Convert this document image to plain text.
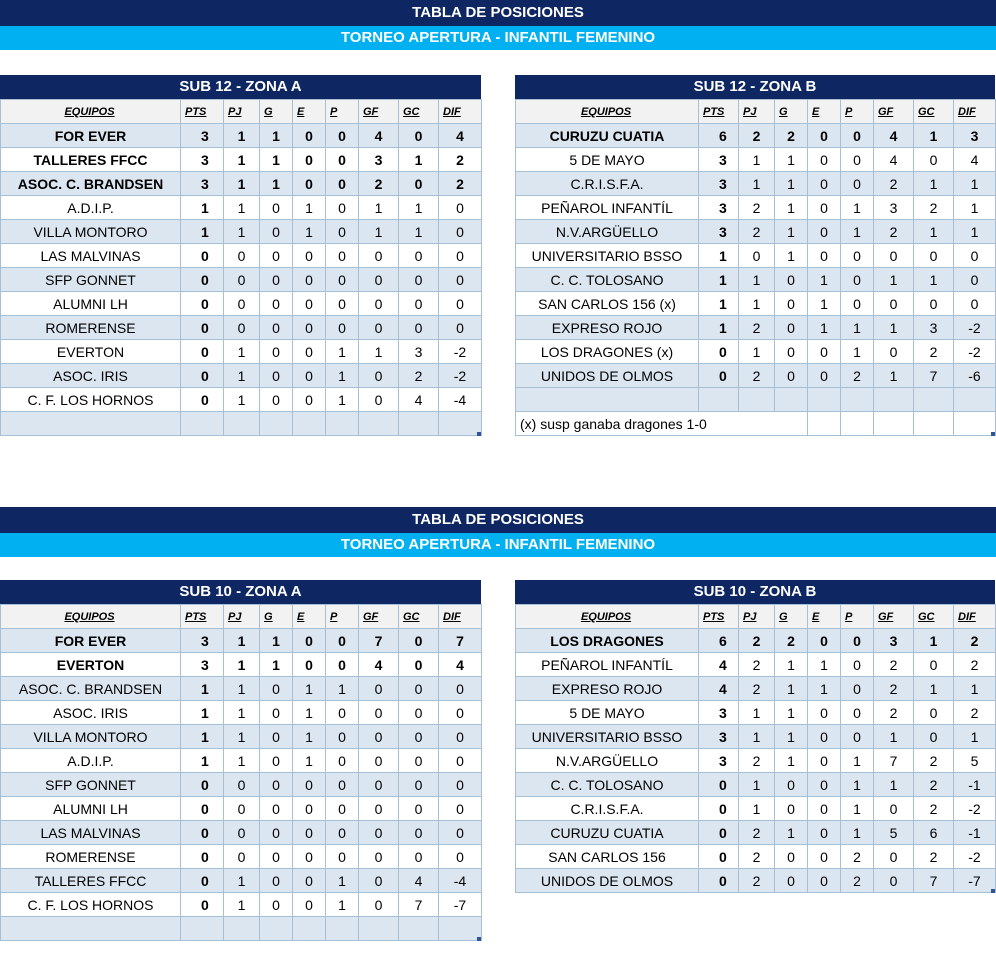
TABLA DE POSICIONES
TORNEO APERTURA - INFANTIL FEMENINO
SUB 12 - ZONA A
EQUIPOS	PTS	PJ	G	E	P	GF	GC	DIF
FOR EVER	3	1	1	0	0	4	0	4
TALLERES FFCC	3	1	1	0	0	3	1	2
ASOC. C. BRANDSEN	3	1	1	0	0	2	0	2
A.D.I.P.	1	1	0	1	0	1	1	0
VILLA MONTORO	1	1	0	1	0	1	1	0
LAS MALVINAS	0	0	0	0	0	0	0	0
SFP GONNET	0	0	0	0	0	0	0	0
ALUMNI LH	0	0	0	0	0	0	0	0
ROMERENSE	0	0	0	0	0	0	0	0
EVERTON	0	1	0	0	1	1	3	-2
ASOC. IRIS	0	1	0	0	1	0	2	-2
C. F. LOS HORNOS	0	1	0	0	1	0	4	-4

SUB 12 - ZONA B
EQUIPOS	PTS	PJ	G	E	P	GF	GC	DIF
CURUZU CUATIA	6	2	2	0	0	4	1	3
5 DE MAYO	3	1	1	0	0	4	0	4
C.R.I.S.F.A.	3	1	1	0	0	2	1	1
PEÑAROL INFANTÍL	3	2	1	0	1	3	2	1
N.V.ARGÜELLO	3	2	1	0	1	2	1	1
UNIVERSITARIO BSSO	1	0	1	0	0	0	0	0
C. C. TOLOSANO	1	1	0	1	0	1	1	0
SAN CARLOS 156 (x)	1	1	0	1	0	0	0	0
EXPRESO ROJO	1	2	0	1	1	1	3	-2
LOS DRAGONES (x)	0	1	0	0	1	0	2	-2
UNIDOS DE OLMOS	0	2	0	0	2	1	7	-6

(x) susp ganaba dragones 1-0								
TABLA DE POSICIONES
TORNEO APERTURA - INFANTIL FEMENINO
SUB 10 - ZONA A
EQUIPOS	PTS	PJ	G	E	P	GF	GC	DIF
FOR EVER	3	1	1	0	0	7	0	7
EVERTON	3	1	1	0	0	4	0	4
ASOC. C. BRANDSEN	1	1	0	1	1	0	0	0
ASOC. IRIS	1	1	0	1	0	0	0	0
VILLA MONTORO	1	1	0	1	0	0	0	0
A.D.I.P.	1	1	0	1	0	0	0	0
SFP GONNET	0	0	0	0	0	0	0	0
ALUMNI LH	0	0	0	0	0	0	0	0
LAS MALVINAS	0	0	0	0	0	0	0	0
ROMERENSE	0	0	0	0	0	0	0	0
TALLERES FFCC	0	1	0	0	1	0	4	-4
C. F. LOS HORNOS	0	1	0	0	1	0	7	-7

SUB 10 - ZONA B
EQUIPOS	PTS	PJ	G	E	P	GF	GC	DIF
LOS DRAGONES	6	2	2	0	0	3	1	2
PEÑAROL INFANTÍL	4	2	1	1	0	2	0	2
EXPRESO ROJO	4	2	1	1	0	2	1	1
5 DE MAYO	3	1	1	0	0	2	0	2
UNIVERSITARIO BSSO	3	1	1	0	0	1	0	1
N.V.ARGÜELLO	3	2	1	0	1	7	2	5
C. C. TOLOSANO	0	1	0	0	1	1	2	-1
C.R.I.S.F.A.	0	1	0	0	1	0	2	-2
CURUZU CUATIA	0	2	1	0	1	5	6	-1
SAN CARLOS 156	0	2	0	0	2	0	2	-2
UNIDOS DE OLMOS	0	2	0	0	2	0	7	-7
